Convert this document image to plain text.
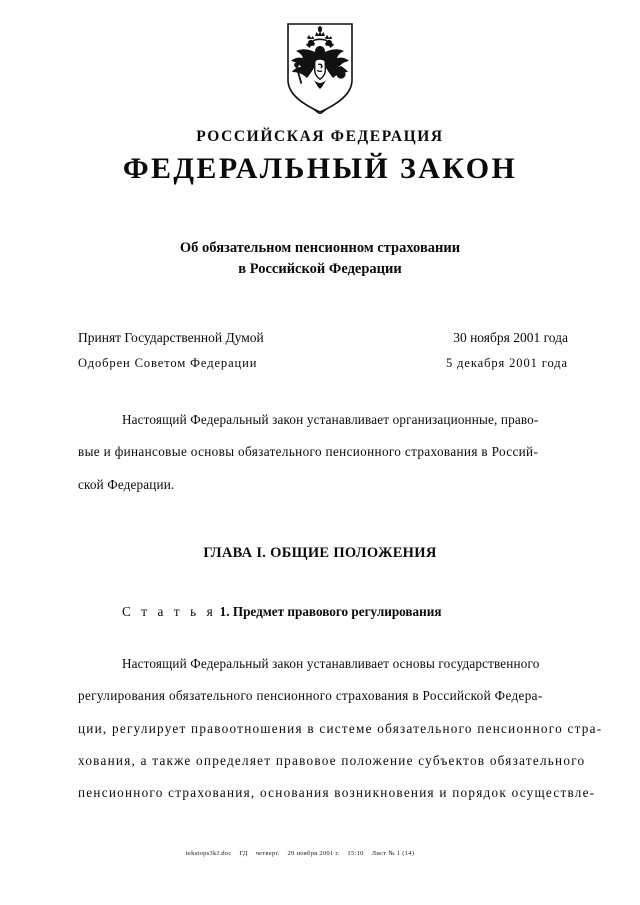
РОССИЙСКАЯ ФЕДЕРАЦИЯ
ФЕДЕРАЛЬНЫЙ ЗАКОН
Об обязательном пенсионном страховании
в Российской Федерации
Принят Государственной Думой	30 ноября 2001 года
Одобрен Советом Федерации	5 декабря 2001 года
Настоящий Федеральный закон устанавливает организационные, право-
вые и финансовые основы обязательного пенсионного страхования в Россий-
ской Федерации.
ГЛАВА I. ОБЩИЕ ПОЛОЖЕНИЯ
С т а т ь я 1. Предмет правового регулирования
Настоящий Федеральный закон устанавливает основы государственного
регулирования обязательного пенсионного страхования в Российской Федера-
ции, регулирует правоотношения в системе обязательного пенсионного стра-
хования, а также определяет правовое положение субъектов обязательного
пенсионного страхования, основания возникновения и порядок осуществле-
tekstops3kJ.doc ГД четверг. 29 ноября 2001 г. 15:10 Лист № 1 (14)
